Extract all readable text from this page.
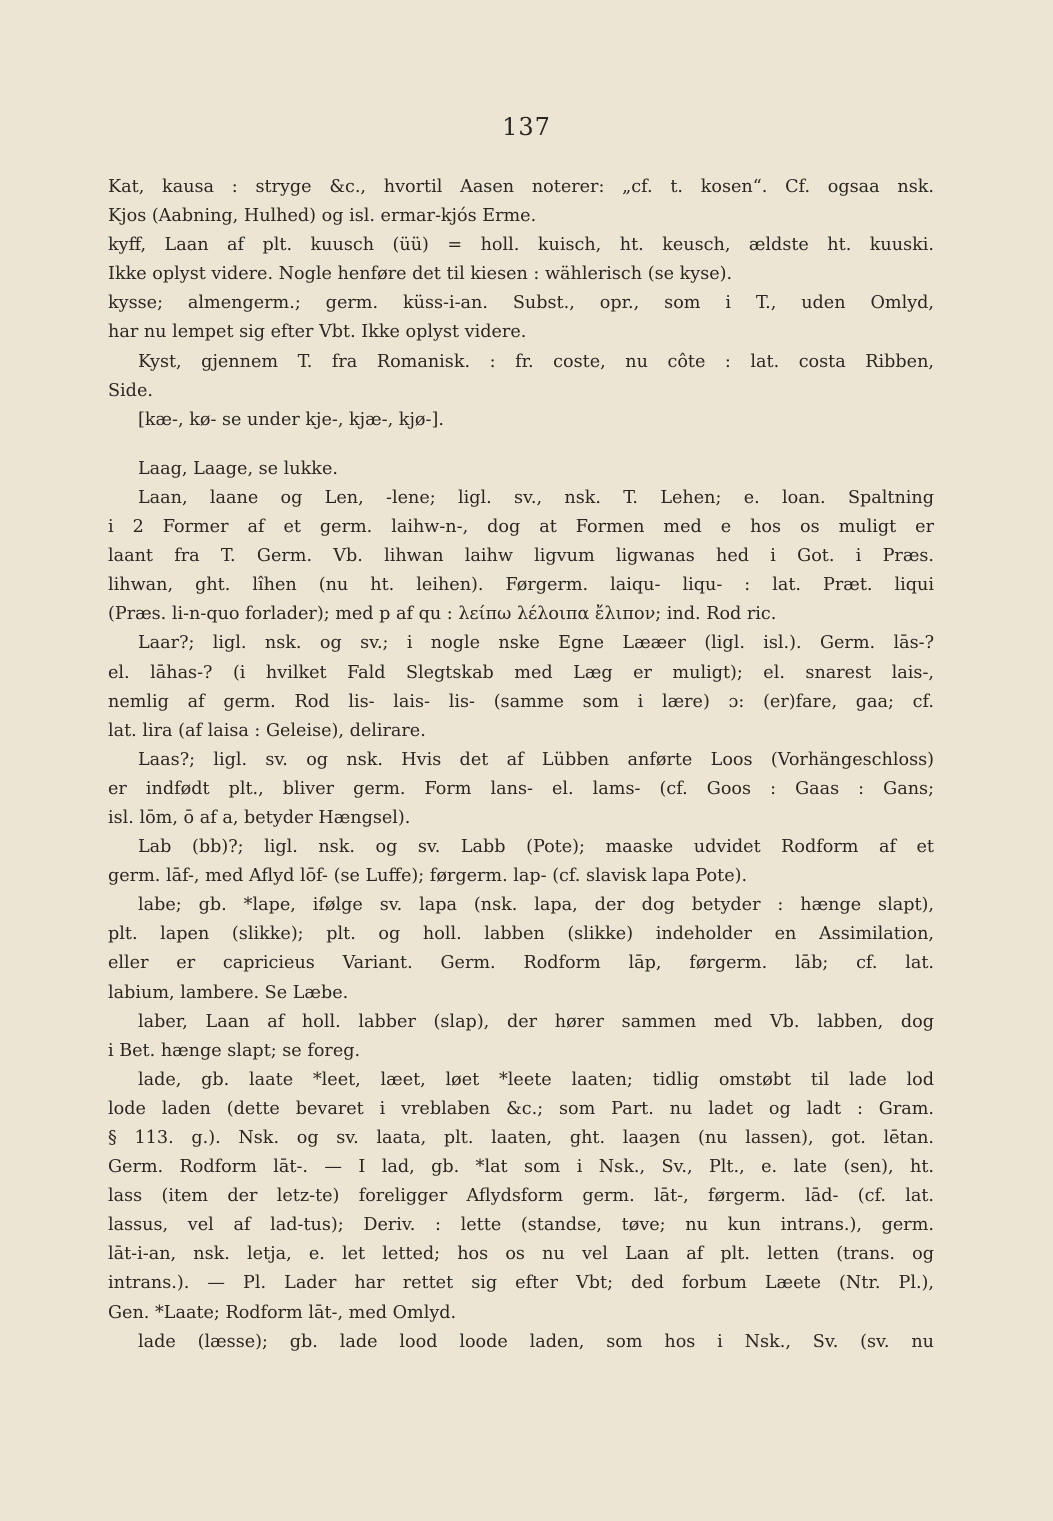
137
Kat, kausa : stryge &c., hvortil Aasen noterer: „cf. t. kosen“. Cf. ogsaa nsk.
Kjos (Aabning, Hulhed) og isl. ermar-kjós Erme.
kyff, Laan af plt. kuusch (üü) = holl. kuisch, ht. keusch, ældste ht. kuuski.
Ikke oplyst videre. Nogle henføre det til kiesen : wählerisch (se kyse).
kysse; almengerm.; germ. küss-i-an. Subst., opr., som i T., uden Omlyd,
har nu lempet sig efter Vbt. Ikke oplyst videre.
Kyst, gjennem T. fra Romanisk. : fr. coste, nu côte : lat. costa Ribben,
Side.
[kæ-, kø- se under kje-, kjæ-, kjø-].
Laag, Laage, se lukke.
Laan, laane og Len, -lene; ligl. sv., nsk. T. Lehen; e. loan. Spaltning
i 2 Former af et germ. laihw-n-, dog at Formen med e hos os muligt er
laant fra T. Germ. Vb. lihwan laihw ligvum ligwanas hed i Got. i Præs.
lihwan, ght. lîhen (nu ht. leihen). Førgerm. laiqu- liqu- : lat. Præt. liqui
(Præs. li-n-quo forlader); med p af qu : λείπω λέλοιπα ἔλιπον; ind. Rod ric.
Laar?; ligl. nsk. og sv.; i nogle nske Egne Lææer (ligl. isl.). Germ. lās-?
el. lāhas-? (i hvilket Fald Slegtskab med Læg er muligt); el. snarest lais-,
nemlig af germ. Rod lis- lais- lis- (samme som i lære) ɔ: (er)fare, gaa; cf.
lat. lira (af laisa : Geleise), delirare.
Laas?; ligl. sv. og nsk. Hvis det af Lübben anførte Loos (Vorhängeschloss)
er indfødt plt., bliver germ. Form lans- el. lams- (cf. Goos : Gaas : Gans;
isl. lōm, ō af a, betyder Hængsel).
Lab (bb)?; ligl. nsk. og sv. Labb (Pote); maaske udvidet Rodform af et
germ. lāf-, med Aflyd lōf- (se Luffe); førgerm. lap- (cf. slavisk lapa Pote).
labe; gb. *lape, ifølge sv. lapa (nsk. lapa, der dog betyder : hænge slapt),
plt. lapen (slikke); plt. og holl. labben (slikke) indeholder en Assimilation,
eller er capricieus Variant. Germ. Rodform lāp, førgerm. lāb; cf. lat.
labium, lambere. Se Læbe.
laber, Laan af holl. labber (slap), der hører sammen med Vb. labben, dog
i Bet. hænge slapt; se foreg.
lade, gb. laate *leet, læet, løet *leete laaten; tidlig omstøbt til lade lod
lode laden (dette bevaret i vreblaben &c.; som Part. nu ladet og ladt : Gram.
§ 113. g.). Nsk. og sv. laata, plt. laaten, ght. laaȝen (nu lassen), got. lētan.
Germ. Rodform lāt-. — I lad, gb. *lat som i Nsk., Sv., Plt., e. late (sen), ht.
lass (item der letz-te) foreligger Aflydsform germ. lāt-, førgerm. lād- (cf. lat.
lassus, vel af lad-tus); Deriv. : lette (standse, tøve; nu kun intrans.), germ.
lāt-i-an, nsk. letja, e. let letted; hos os nu vel Laan af plt. letten (trans. og
intrans.). — Pl. Lader har rettet sig efter Vbt; ded forbum Læete (Ntr. Pl.),
Gen. *Laate; Rodform lāt-, med Omlyd.
lade (læsse); gb. lade lood loode laden, som hos i Nsk., Sv. (sv. nu
